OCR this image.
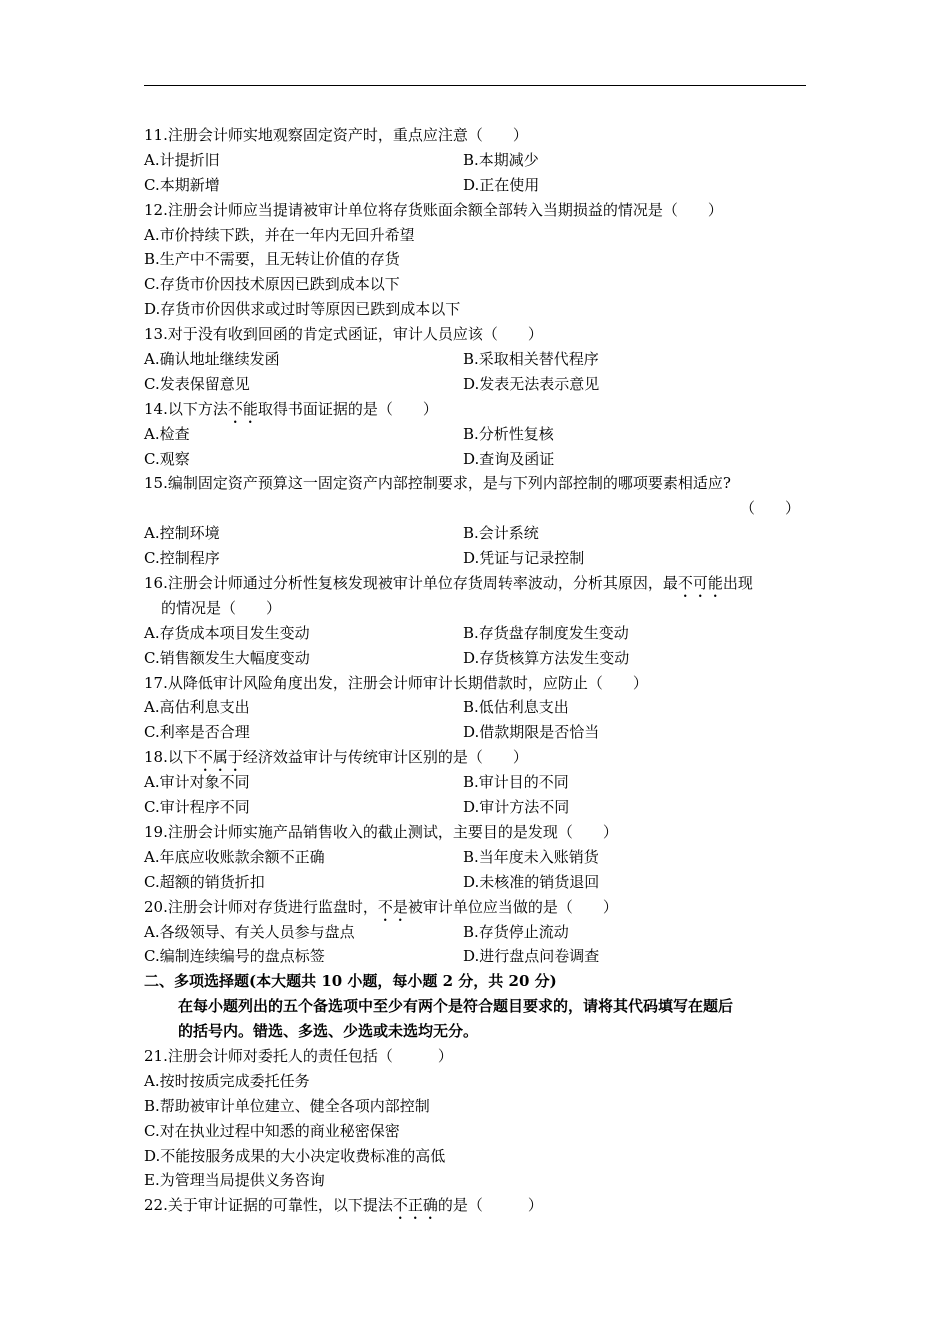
11.注册会计师实地观察固定资产时，重点应注意（　　）
A.计提折旧	B.本期减少
C.本期新增	D.正在使用
12.注册会计师应当提请被审计单位将存货账面余额全部转入当期损益的情况是（　　）
A.市价持续下跌，并在一年内无回升希望
B.生产中不需要，且无转让价值的存货
C.存货市价因技术原因已跌到成本以下
D.存货市价因供求或过时等原因已跌到成本以下
13.对于没有收到回函的肯定式函证，审计人员应该（　　）
A.确认地址继续发函	B.采取相关替代程序
C.发表保留意见	D.发表无法表示意见
14.以下方法不能取得书面证据的是（　　）
A.检查	B.分析性复核
C.观察	D.查询及函证
15.编制固定资产预算这一固定资产内部控制要求，是与下列内部控制的哪项要素相适应?
（　　）
A.控制环境	B.会计系统
C.控制程序	D.凭证与记录控制
16.注册会计师通过分析性复核发现被审计单位存货周转率波动，分析其原因，最不可能出现
的情况是（　　）
A.存货成本项目发生变动	B.存货盘存制度发生变动
C.销售额发生大幅度变动	D.存货核算方法发生变动
17.从降低审计风险角度出发，注册会计师审计长期借款时，应防止（　　）
A.高估利息支出	B.低估利息支出
C.利率是否合理	D.借款期限是否恰当
18.以下不属于经济效益审计与传统审计区别的是（　　）
A.审计对象不同	B.审计目的不同
C.审计程序不同	D.审计方法不同
19.注册会计师实施产品销售收入的截止测试，主要目的是发现（　　）
A.年底应收账款余额不正确	B.当年度未入账销货
C.超额的销货折扣	D.未核准的销货退回
20.注册会计师对存货进行监盘时，不是被审计单位应当做的是（　　）
A.各级领导、有关人员参与盘点	B.存货停止流动
C.编制连续编号的盘点标签	D.进行盘点问卷调查
二、多项选择题(本大题共 10 小题，每小题 2 分，共 20 分)
在每小题列出的五个备选项中至少有两个是符合题目要求的，请将其代码填写在题后
的括号内。错选、多选、少选或未选均无分。
21.注册会计师对委托人的责任包括（　　　）
A.按时按质完成委托任务
B.帮助被审计单位建立、健全各项内部控制
C.对在执业过程中知悉的商业秘密保密
D.不能按服务成果的大小决定收费标准的高低
E.为管理当局提供义务咨询
22.关于审计证据的可靠性，以下提法不正确的是（　　　）
